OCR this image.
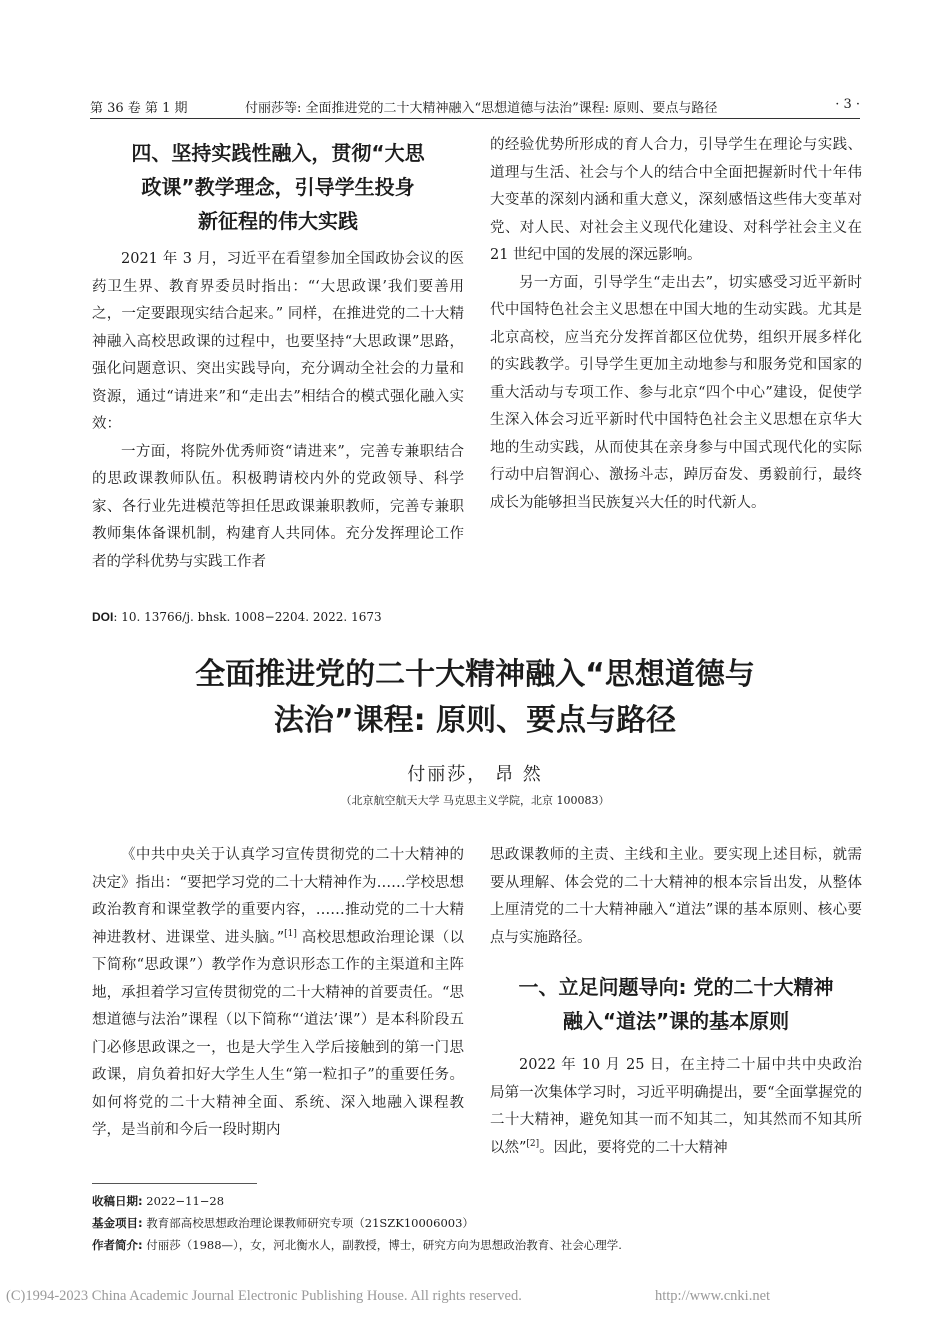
第 36 卷 第 1 期	付丽莎等: 全面推进党的二十大精神融入“思想道德与法治”课程: 原则、要点与路径	· 3 ·
四、坚持实践性融入，贯彻“大思
政课”教学理念，引导学生投身
新征程的伟大实践

2021 年 3 月，习近平在看望参加全国政协会议的医药卫生界、教育界委员时指出：“‘大思政课’我们要善用之，一定要跟现实结合起来。” 同样，在推进党的二十大精神融入高校思政课的过程中，也要坚持“大思政课”思路，强化问题意识、突出实践导向，充分调动全社会的力量和资源，通过“请进来”和“走出去”相结合的模式强化融入实效：

一方面，将院外优秀师资“请进来”，完善专兼职结合的思政课教师队伍。积极聘请校内外的党政领导、科学家、各行业先进模范等担任思政课兼职教师，完善专兼职教师集体备课机制，构建育人共同体。充分发挥理论工作者的学科优势与实践工作者

的经验优势所形成的育人合力，引导学生在理论与实践、道理与生活、社会与个人的结合中全面把握新时代十年伟大变革的深刻内涵和重大意义，深刻感悟这些伟大变革对党、对人民、对社会主义现代化建设、对科学社会主义在 21 世纪中国的发展的深远影响。

另一方面，引导学生“走出去”，切实感受习近平新时代中国特色社会主义思想在中国大地的生动实践。尤其是北京高校，应当充分发挥首都区位优势，组织开展多样化的实践教学。引导学生更加主动地参与和服务党和国家的重大活动与专项工作、参与北京“四个中心”建设，促使学生深入体会习近平新时代中国特色社会主义思想在京华大地的生动实践，从而使其在亲身参与中国式现代化的实际行动中启智润心、激扬斗志，踔厉奋发、勇毅前行，最终成长为能够担当民族复兴大任的时代新人。

DOI: 10. 13766/j. bhsk. 1008−2204. 2022. 1673
全面推进党的二十大精神融入“思想道德与
法治”课程: 原则、要点与路径
付丽莎， 昂 然
（北京航空航天大学 马克思主义学院，北京 100083）

《中共中央关于认真学习宣传贯彻党的二十大精神的决定》指出：“要把学习党的二十大精神作为……学校思想政治教育和课堂教学的重要内容，……推动党的二十大精神进教材、进课堂、进头脑。”[1] 高校思想政治理论课（以下简称“思政课”）教学作为意识形态工作的主渠道和主阵地，承担着学习宣传贯彻党的二十大精神的首要责任。“思想道德与法治”课程（以下简称“‘道法’课”）是本科阶段五门必修思政课之一，也是大学生入学后接触到的第一门思政课，肩负着扣好大学生人生“第一粒扣子”的重要任务。如何将党的二十大精神全面、系统、深入地融入课程教学，是当前和今后一段时期内

思政课教师的主责、主线和主业。要实现上述目标，就需要从理解、体会党的二十大精神的根本宗旨出发，从整体上厘清党的二十大精神融入“道法”课的基本原则、核心要点与实施路径。

一、立足问题导向: 党的二十大精神
融入“道法”课的基本原则

2022 年 10 月 25 日，在主持二十届中共中央政治局第一次集体学习时，习近平明确提出，要“全面掌握党的二十大精神，避免知其一而不知其二，知其然而不知其所以然”[2]。因此，要将党的二十大精神

收稿日期: 2022−11−28
基金项目: 教育部高校思想政治理论课教师研究专项（21SZK10006003）
作者简介: 付丽莎（1988—），女，河北衡水人，副教授，博士，研究方向为思想政治教育、社会心理学.
(C)1994-2023 China Academic Journal Electronic Publishing House. All rights reserved.	http://www.cnki.net
